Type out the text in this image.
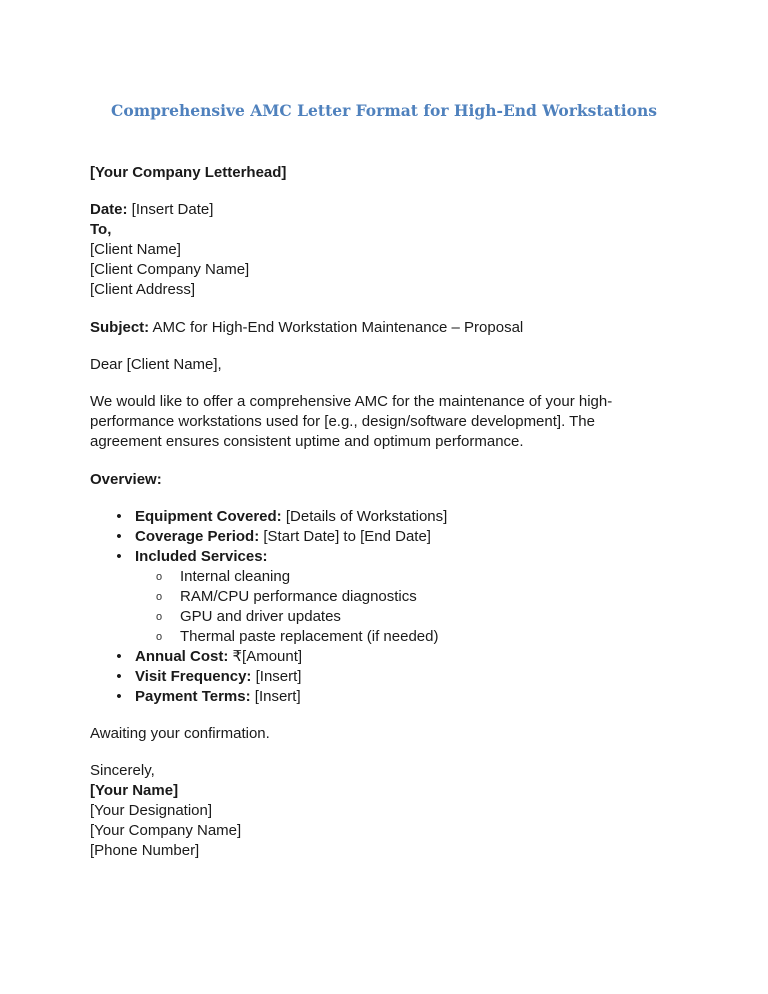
Comprehensive AMC Letter Format for High-End Workstations
[Your Company Letterhead]
Date: [Insert Date]
To,
[Client Name]
[Client Company Name]
[Client Address]
Subject: AMC for High-End Workstation Maintenance – Proposal
Dear [Client Name],
We would like to offer a comprehensive AMC for the maintenance of your high-
performance workstations used for [e.g., design/software development]. The
agreement ensures consistent uptime and optimum performance.
Overview:
• Equipment Covered: [Details of Workstations]
• Coverage Period: [Start Date] to [End Date]
• Included Services:
o Internal cleaning
o RAM/CPU performance diagnostics
o GPU and driver updates
o Thermal paste replacement (if needed)
• Annual Cost: ₹[Amount]
• Visit Frequency: [Insert]
• Payment Terms: [Insert]
Awaiting your confirmation.
Sincerely,
[Your Name]
[Your Designation]
[Your Company Name]
[Phone Number]
